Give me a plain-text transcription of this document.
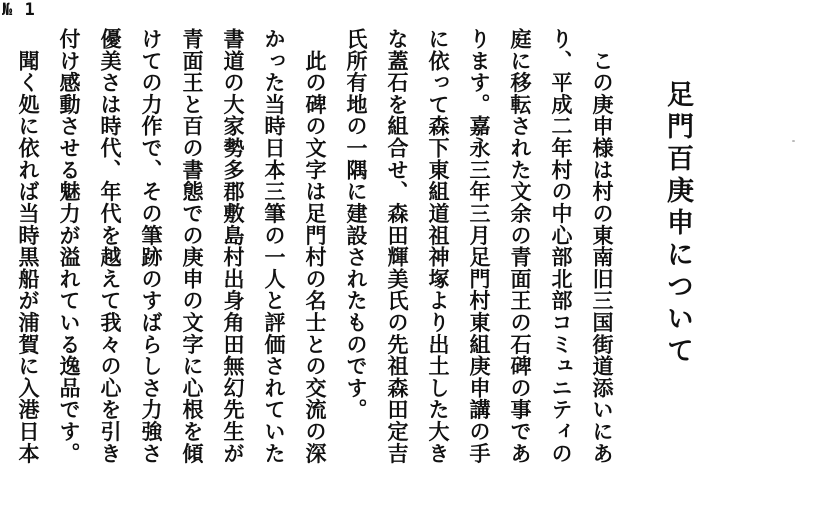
№ 1
足門百庚申について
　この庚申様は村の東南旧三国街道添いにあ
り、平成二年村の中心部北部コミュニティの
庭に移転された文余の青面王の石碑の事であ
ります。嘉永三年三月足門村東組庚申講の手
に依って森下東組道祖神塚より出土した大き
な蓋石を組合せ、森田輝美氏の先祖森田定吉
氏所有地の一隅に建設されたものです。
　此の碑の文字は足門村の名士との交流の深
かった当時日本三筆の一人と評価されていた
書道の大家勢多郡敷島村出身角田無幻先生が
青面王と百の書態での庚申の文字に心根を傾
けての力作で、その筆跡のすばらしさ力強さ
優美さは時代、年代を越えて我々の心を引き
付け感動させる魅力が溢れている逸品です。
　聞く処に依れば当時黒船が浦賀に入港日本
